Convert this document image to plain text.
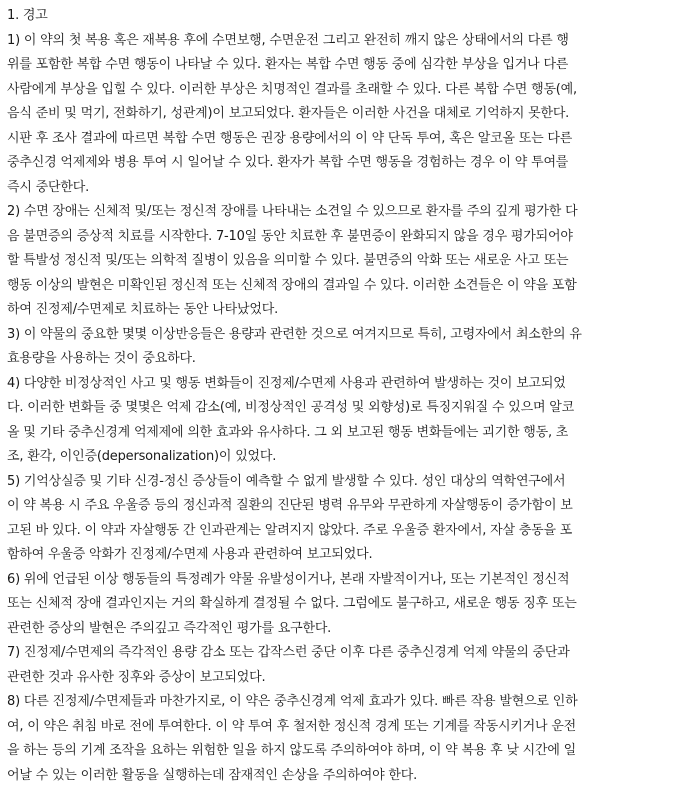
1. 경고
1) 이 약의 첫 복용 혹은 재복용 후에 수면보행, 수면운전 그리고 완전히 깨지 않은 상태에서의 다른 행
위를 포함한 복합 수면 행동이 나타날 수 있다. 환자는 복합 수면 행동 중에 심각한 부상을 입거나 다른
사람에게 부상을 입힐 수 있다. 이러한 부상은 치명적인 결과를 초래할 수 있다. 다른 복합 수면 행동(예,
음식 준비 및 먹기, 전화하기, 성관계)이 보고되었다. 환자들은 이러한 사건을 대체로 기억하지 못한다.
시판 후 조사 결과에 따르면 복합 수면 행동은 권장 용량에서의 이 약 단독 투여, 혹은 알코올 또는 다른
중추신경 억제제와 병용 투여 시 일어날 수 있다. 환자가 복합 수면 행동을 경험하는 경우 이 약 투여를
즉시 중단한다.
2) 수면 장애는 신체적 및/또는 정신적 장애를 나타내는 소견일 수 있으므로 환자를 주의 깊게 평가한 다
음 불면증의 증상적 치료를 시작한다. 7-10일 동안 치료한 후 불면증이 완화되지 않을 경우 평가되어야
할 특발성 정신적 및/또는 의학적 질병이 있음을 의미할 수 있다. 불면증의 악화 또는 새로운 사고 또는
행동 이상의 발현은 미확인된 정신적 또는 신체적 장애의 결과일 수 있다. 이러한 소견들은 이 약을 포함
하여 진정제/수면제로 치료하는 동안 나타났었다.
3) 이 약물의 중요한 몇몇 이상반응들은 용량과 관련한 것으로 여겨지므로 특히, 고령자에서 최소한의 유
효용량을 사용하는 것이 중요하다.
4) 다양한 비정상적인 사고 및 행동 변화들이 진정제/수면제 사용과 관련하여 발생하는 것이 보고되었
다. 이러한 변화들 중 몇몇은 억제 감소(예, 비정상적인 공격성 및 외향성)로 특징지워질 수 있으며 알코
올 및 기타 중추신경계 억제제에 의한 효과와 유사하다. 그 외 보고된 행동 변화들에는 괴기한 행동, 초
조, 환각, 이인증(depersonalization)이 있었다.
5) 기억상실증 및 기타 신경-정신 증상들이 예측할 수 없게 발생할 수 있다. 성인 대상의 역학연구에서
이 약 복용 시 주요 우울증 등의 정신과적 질환의 진단된 병력 유무와 무관하게 자살행동이 증가함이 보
고된 바 있다. 이 약과 자살행동 간 인과관계는 알려지지 않았다. 주로 우울증 환자에서, 자살 충동을 포
함하여 우울증 악화가 진정제/수면제 사용과 관련하여 보고되었다.
6) 위에 언급된 이상 행동들의 특정례가 약물 유발성이거나, 본래 자발적이거나, 또는 기본적인 정신적
또는 신체적 장애 결과인지는 거의 확실하게 결정될 수 없다. 그럼에도 불구하고, 새로운 행동 징후 또는
관련한 증상의 발현은 주의깊고 즉각적인 평가를 요구한다.
7) 진정제/수면제의 즉각적인 용량 감소 또는 갑작스런 중단 이후 다른 중추신경계 억제 약물의 중단과
관련한 것과 유사한 징후와 증상이 보고되었다.
8) 다른 진정제/수면제들과 마찬가지로, 이 약은 중추신경계 억제 효과가 있다. 빠른 작용 발현으로 인하
여, 이 약은 취침 바로 전에 투여한다. 이 약 투여 후 철저한 정신적 경계 또는 기계를 작동시키거나 운전
을 하는 등의 기계 조작을 요하는 위험한 일을 하지 않도록 주의하여야 하며, 이 약 복용 후 낮 시간에 일
어날 수 있는 이러한 활동을 실행하는데 잠재적인 손상을 주의하여야 한다.
